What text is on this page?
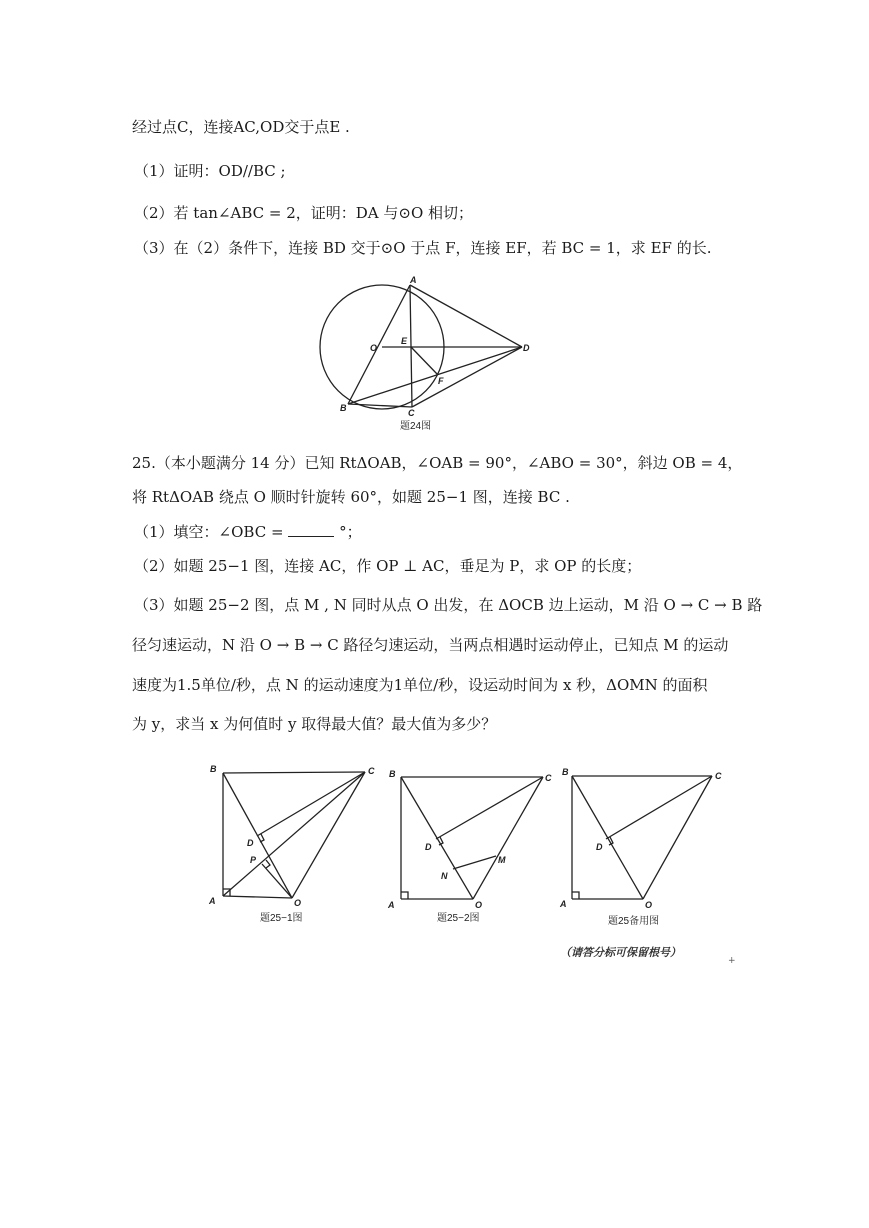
经过点C，连接AC,OD交于点E .
（1）证明：OD//BC ;
（2）若 tan∠ABC = 2，证明：DA 与⊙O 相切；
（3）在（2）条件下，连接 BD 交于⊙O 于点 F，连接 EF，若 BC = 1，求 EF 的长.
A
O
E
D
F
B	C
题24图
25.（本小题满分 14 分）已知 RtΔOAB，∠OAB = 90°，∠ABO = 30°，斜边 OB = 4，
将 RtΔOAB 绕点 O 顺时针旋转 60°，如题 25−1 图，连接 BC .
（1）填空：∠OBC =	°；
（2）如题 25−1 图，连接 AC，作 OP ⊥ AC，垂足为 P，求 OP 的长度；
（3）如题 25−2 图，点 M , N 同时从点 O 出发，在 ΔOCB 边上运动，M 沿 O → C → B 路
径匀速运动，N 沿 O → B → C 路径匀速运动，当两点相遇时运动停止，已知点 M 的运动
速度为1.5单位/秒，点 N 的运动速度为1单位/秒，设运动时间为 x 秒，ΔOMN 的面积
为 y，求当 x 为何值时 y 取得最大值？最大值为多少？
B	C
D
P
A	O
题25−1图
B	C
D
M
N
A	O
题25−2图
B	C
D
A	O
题25备用图
（请答分标可保留根号）
+
